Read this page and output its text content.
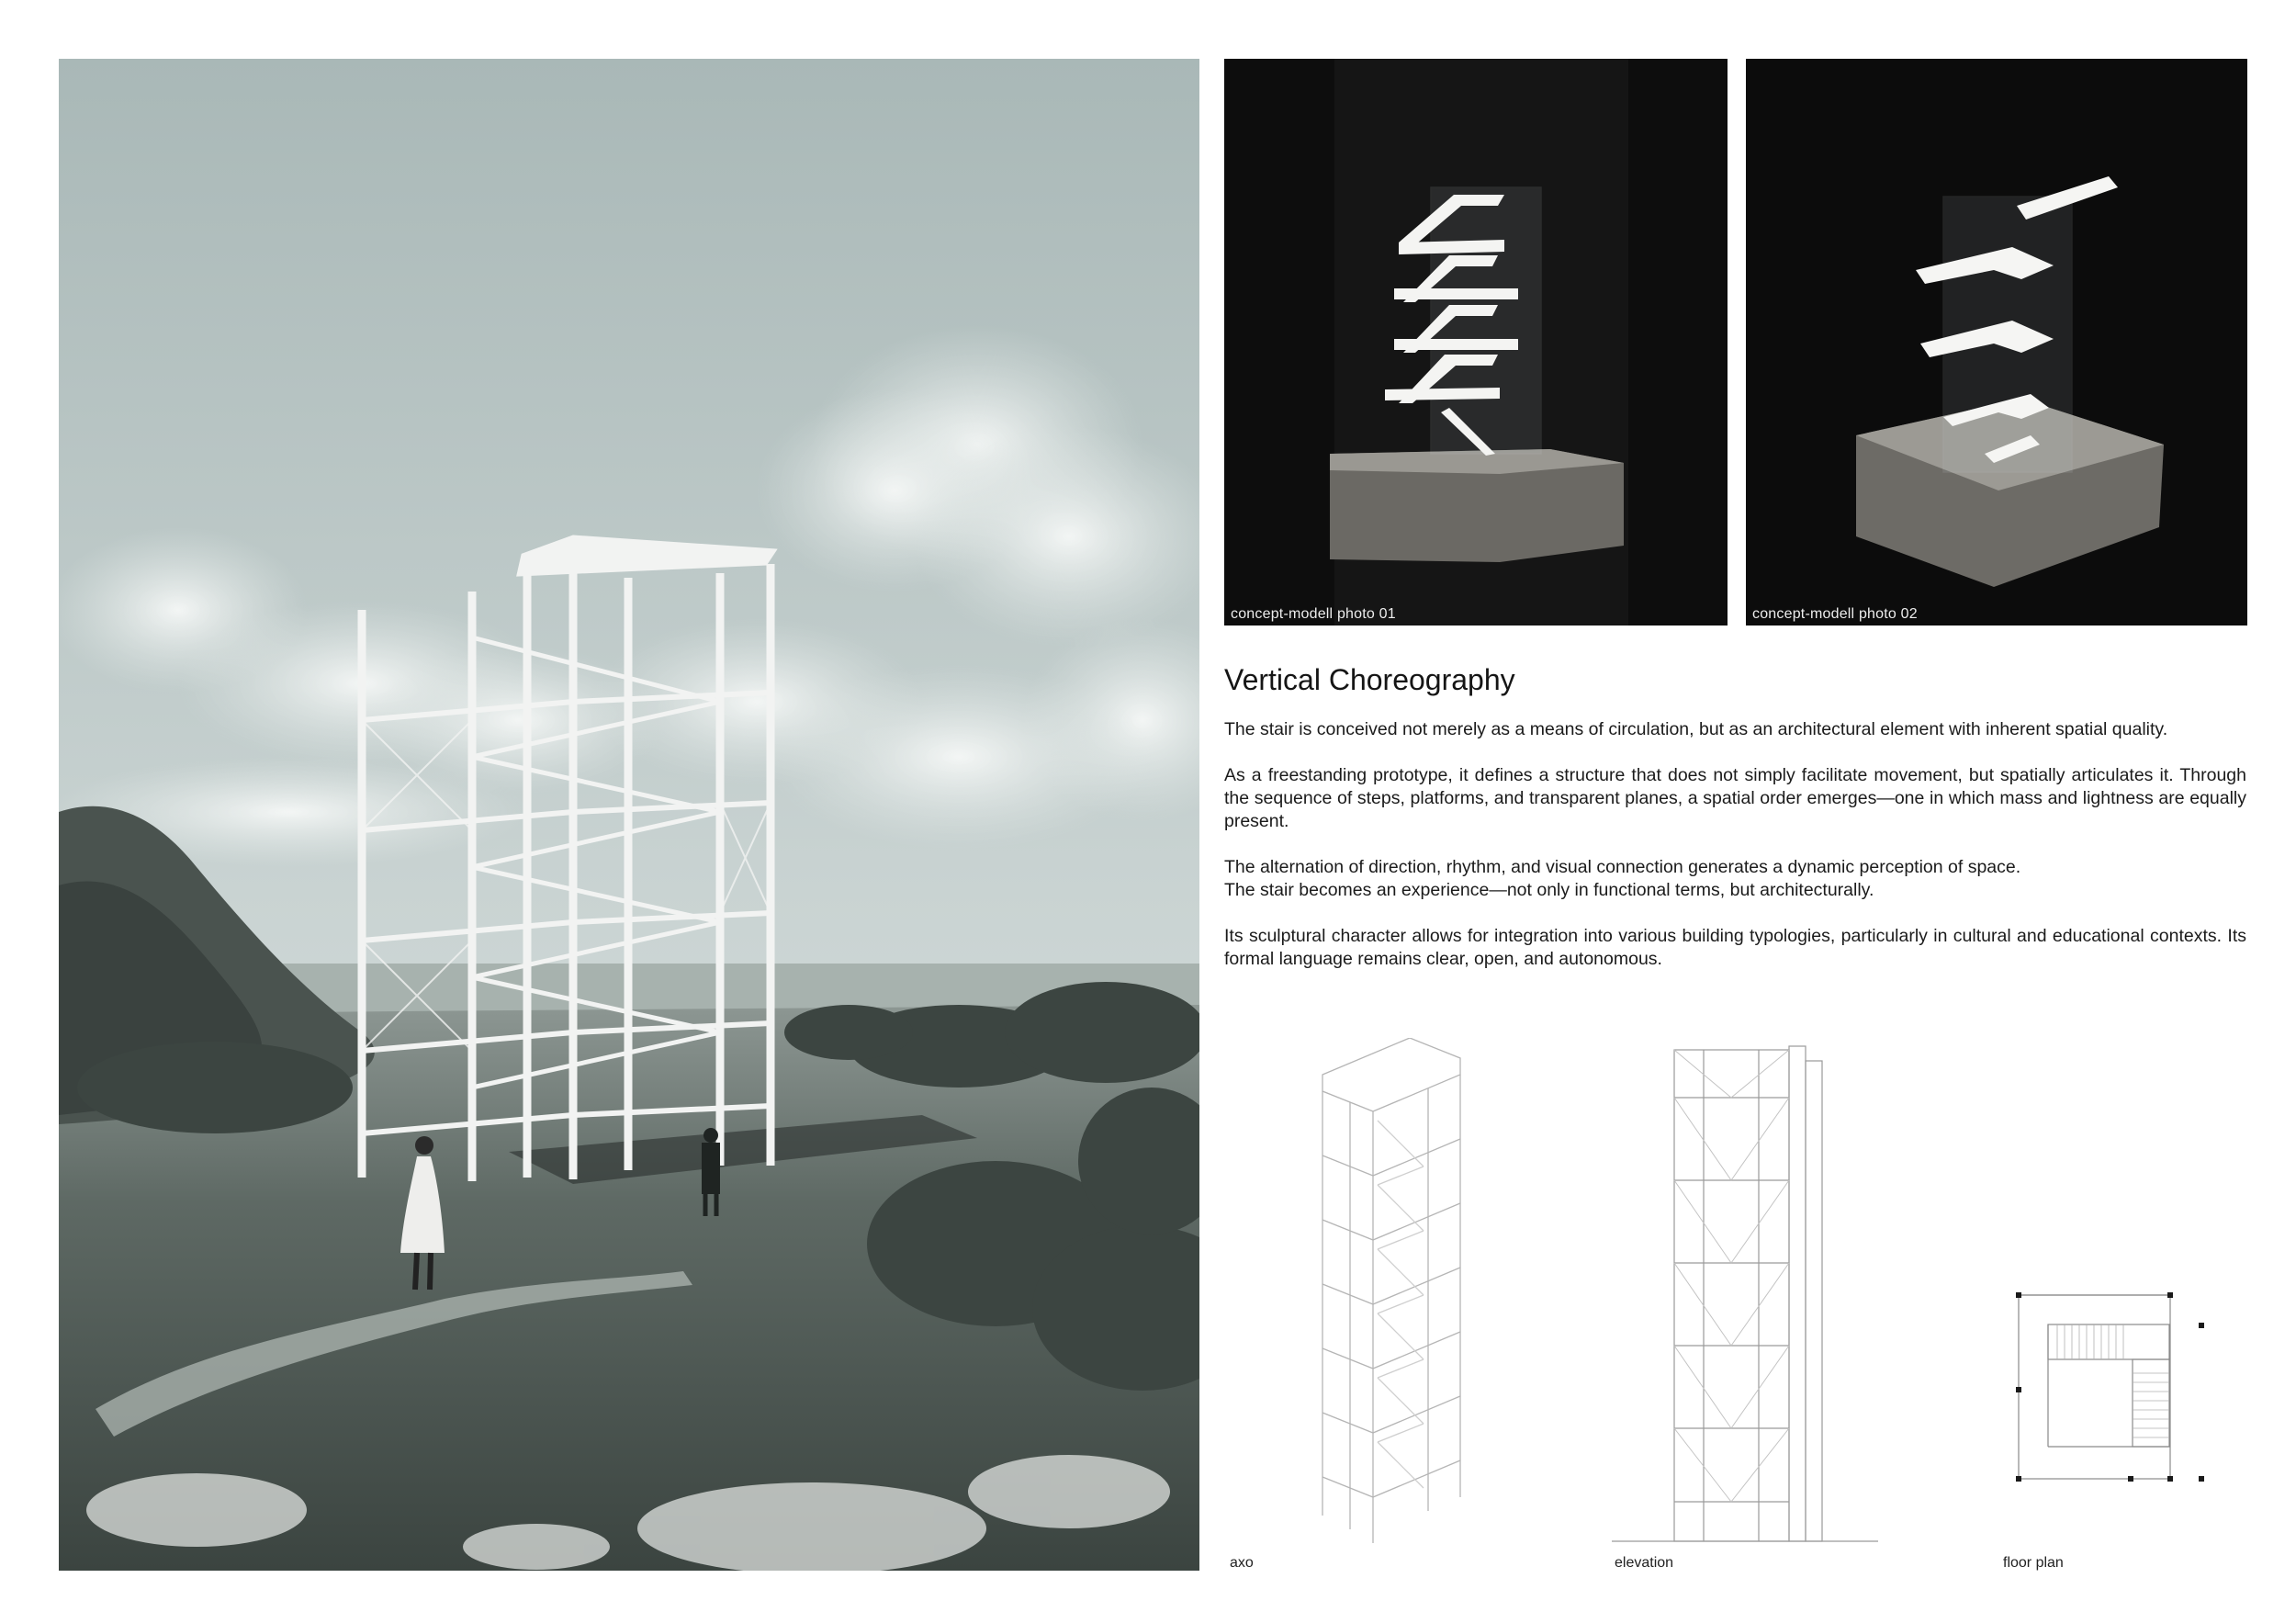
concept-modell photo 01	concept-modell photo 02
Vertical Choreography

The stair is conceived not merely as a means of circulation, but as an architectural element with inherent spatial quality.

As a freestanding prototype, it defines a structure that does not simply facilitate movement, but spatially articulates it. Through the sequence of steps, platforms, and transparent planes, a spatial order emerges—one in which mass and lightness are equally present.

The alternation of direction, rhythm, and visual connection generates a dynamic perception of space.
The stair becomes an experience—not only in functional terms, but architecturally.

Its sculptural character allows for integration into various building typologies, particularly in cultural and educational contexts. Its formal language remains clear, open, and autonomous.

axo	elevation	floor plan
